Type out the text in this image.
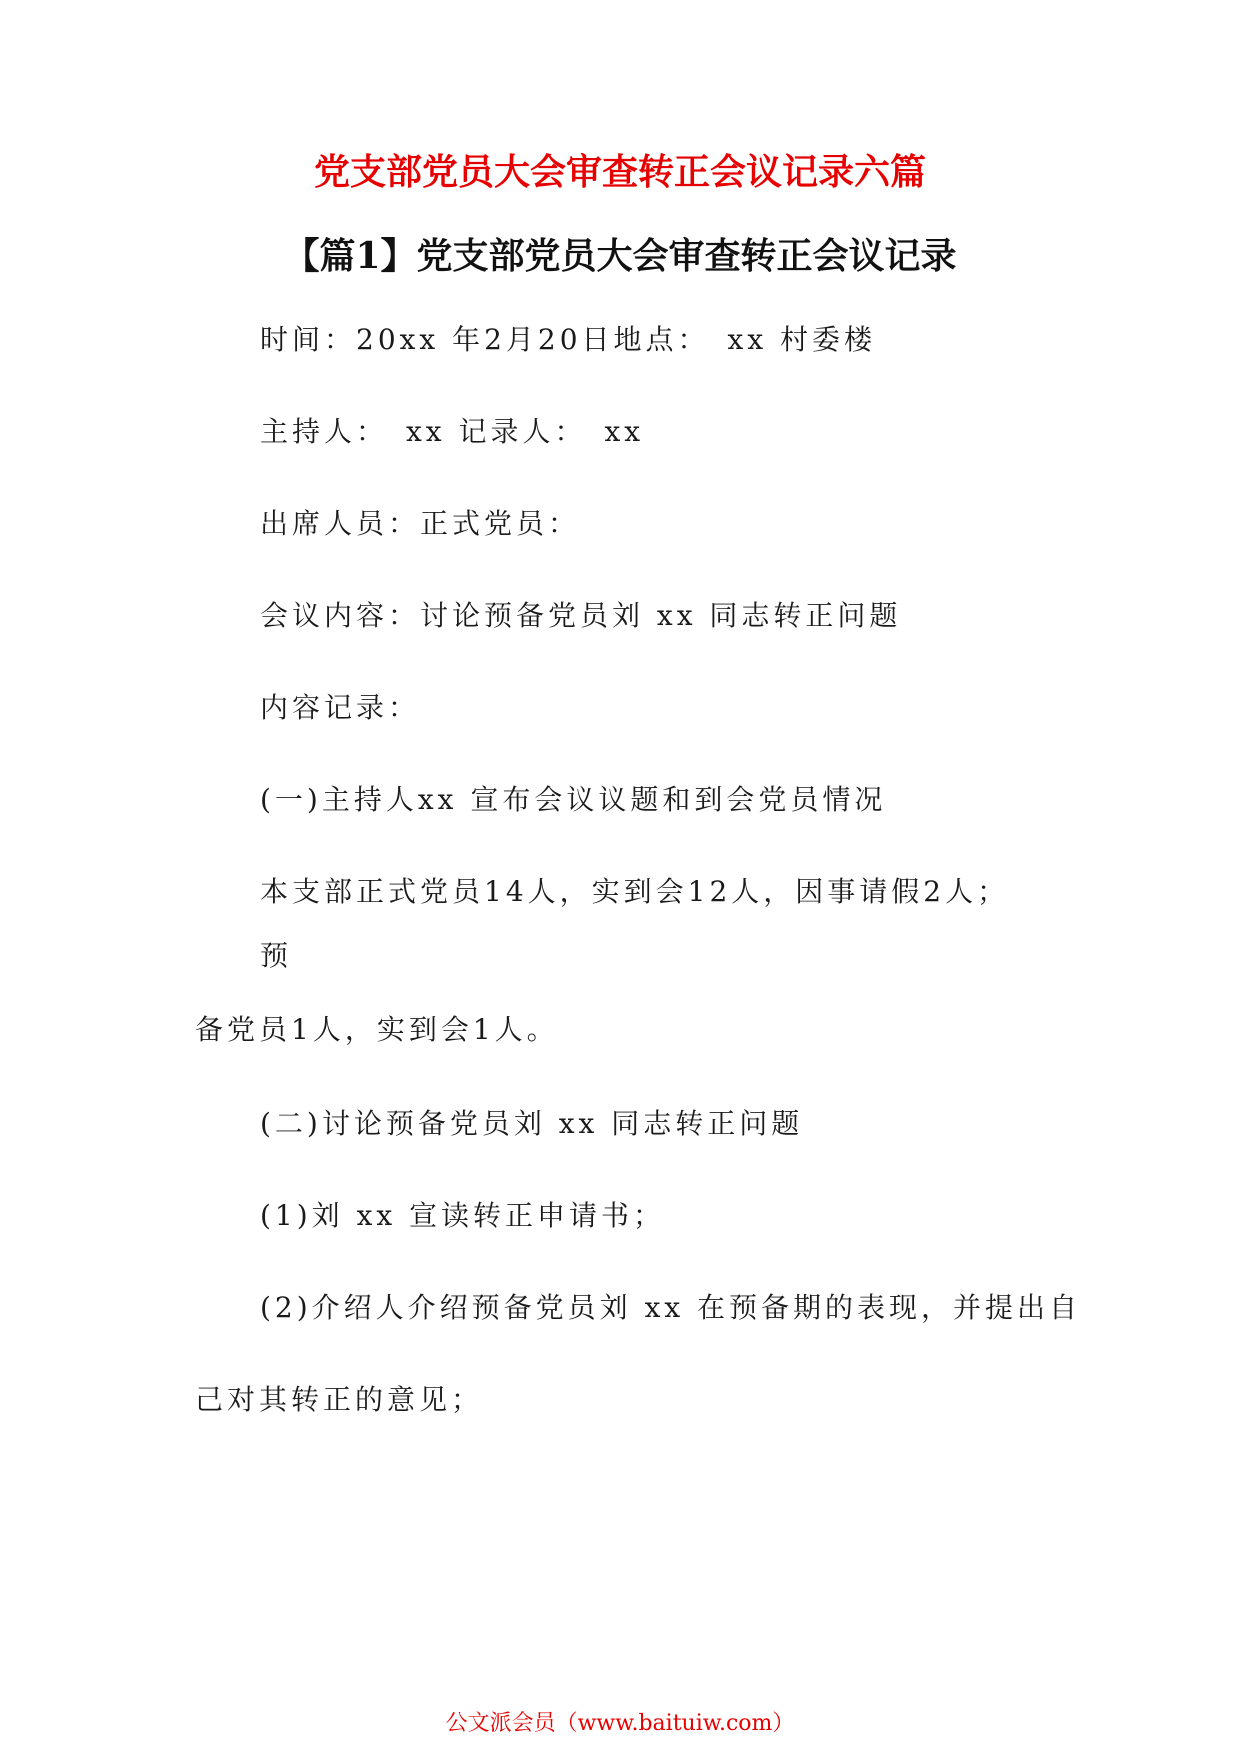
党支部党员大会审查转正会议记录六篇
【篇1】党支部党员大会审查转正会议记录

时间：20xx 年2月20日地点：　xx 村委楼

主持人：　xx 记录人：　xx

出席人员：正式党员：

会议内容：讨论预备党员刘 xx 同志转正问题

内容记录：

(一)主持人xx 宣布会议议题和到会党员情况

本支部正式党员14人，实到会12人，因事请假2人；

预

备党员1人，实到会1人。

(二)讨论预备党员刘 xx 同志转正问题

(1)刘 xx 宣读转正申请书；

(2)介绍人介绍预备党员刘 xx 在预备期的表现，并提出自

己对其转正的意见；

公文派会员（www.baituiw.com）
